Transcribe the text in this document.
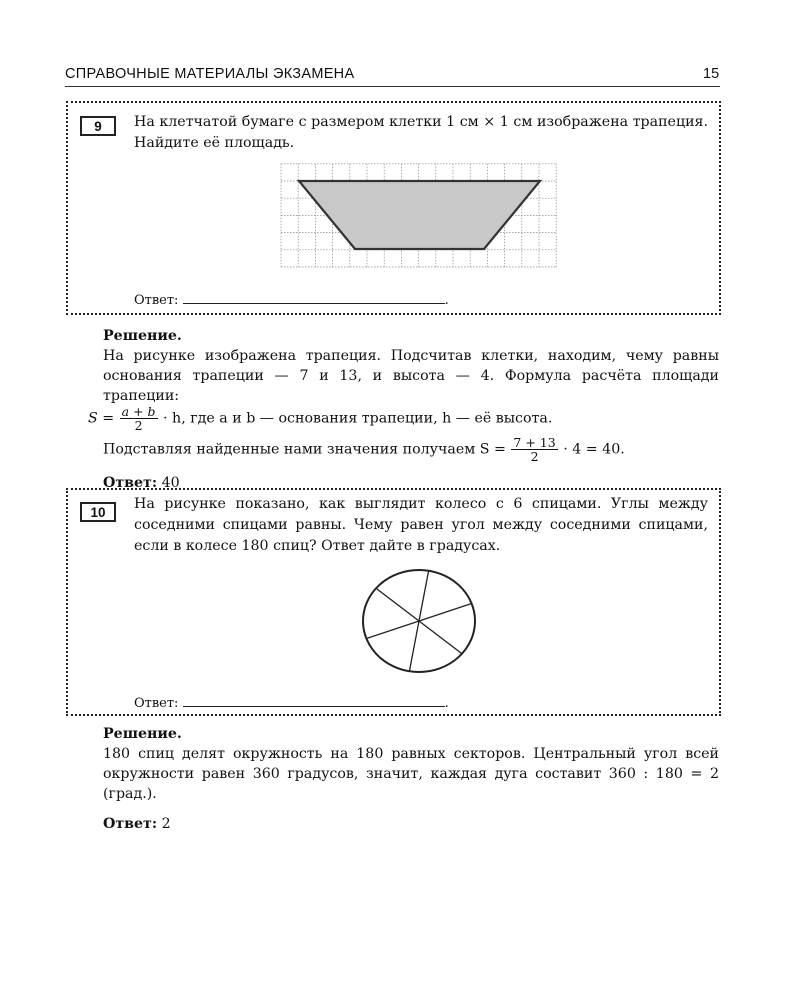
СПРАВОЧНЫЕ МАТЕРИАЛЫ ЭКЗАМЕНА	15
9	На клетчатой бумаге с размером клетки 1 см × 1 см изображена трапеция. Найдите её площадь.
Ответ:	.
Решение.
На рисунке изображена трапеция. Подсчитав клетки, находим, чему равны основания трапеции — 7 и 13, и высота — 4. Формула расчёта площади трапеции:
$S = \frac{a + b}{2} \cdot h$, где a и b — основания трапеции, h — её высота.
Подставляя найденные нами значения получаем $S = \frac{7 + 13}{2} \cdot 4 = 40$.
Ответ: 40
10
На рисунке показано, как выглядит колесо с 6 спицами. Углы между соседними спицами равны. Чему равен угол между соседними спицами, если в колесе 180 спиц? Ответ дайте в градусах.
Ответ:	.
Решение.
180 спиц делят окружность на 180 равных секторов. Центральный угол всей окружности равен 360 градусов, значит, каждая дуга составит 360 : 180 = 2 (град.).
Ответ: 2
